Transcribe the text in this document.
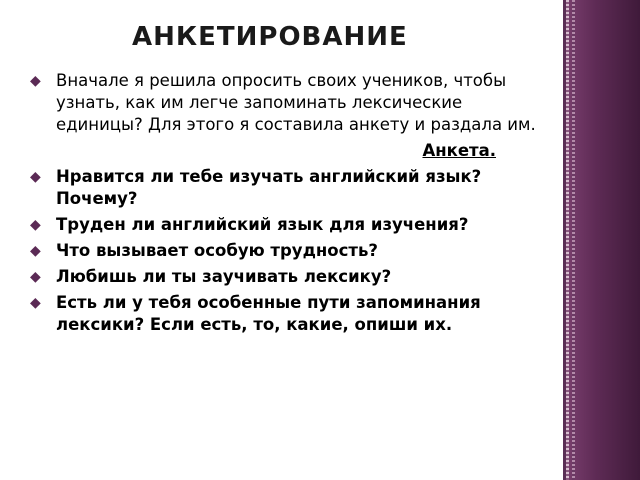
АНКЕТИРОВАНИЕ
◆ Вначале я решила опросить своих учеников, чтобы узнать, как им легче запоминать лексические единицы? Для этого я составила анкету и раздала им.
Анкета.
◆ Нравится ли тебе изучать английский язык? Почему?
◆ Труден ли английский язык для изучения?
◆ Что вызывает особую трудность?
◆ Любишь ли ты заучивать лексику?
◆ Есть ли у тебя особенные пути запоминания лексики? Если есть, то, какие, опиши их.
